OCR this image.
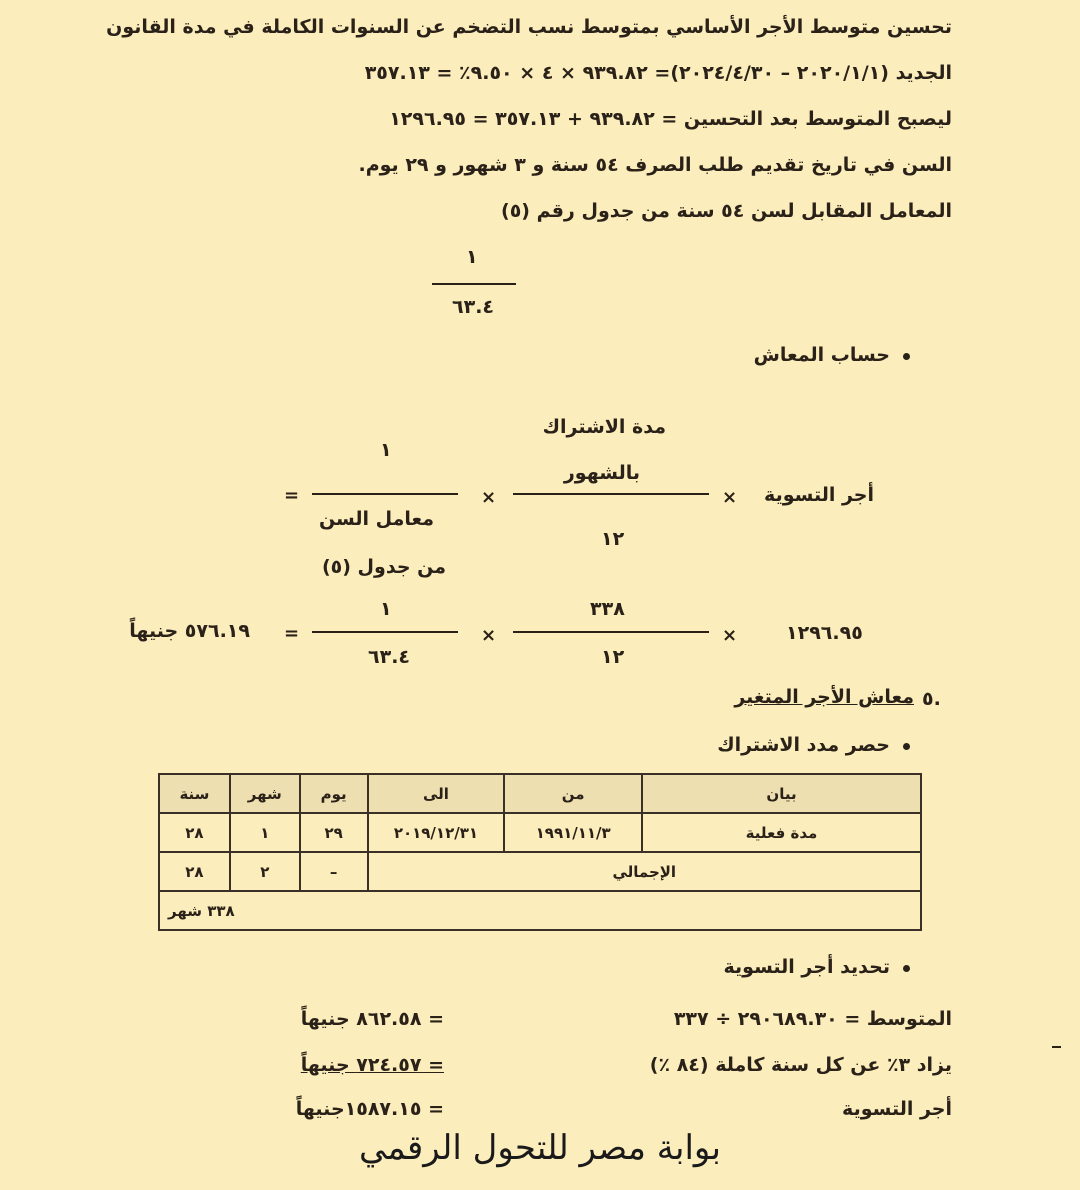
تحسين متوسط الأجر الأساسي بمتوسط نسب التضخم عن السنوات الكاملة في مدة القانون
الجديد (٢٠٢٠/١/١ – ٢٠٢٤/٤/٣٠)= ٩٣٩.٨٢ × ٤ × ٩.٥٠٪ = ٣٥٧.١٣
ليصبح المتوسط بعد التحسين = ٩٣٩.٨٢ + ٣٥٧.١٣ = ١٢٩٦.٩٥
السن في تاريخ تقديم طلب الصرف ٥٤ سنة و ٣ شهور و ٢٩ يوم.
المعامل المقابل لسن ٥٤ سنة من جدول رقم (٥)
١
٦٣.٤
حساب المعاش
أجر التسوية
×
مدة الاشتراك
بالشهور
١٢
×
١
معامل السن
من جدول (٥)
=
١٢٩٦.٩٥
×
٣٣٨
١٢
×
١
٦٣.٤
=
٥٧٦.١٩ جنيهاً
٥.
معاش الأجر المتغير
حصر مدد الاشتراك
بيان	من	الى	يوم	شهر	سنة
مدة فعلية	١٩٩١/١١/٣	٢٠١٩/١٢/٣١	٢٩	١	٢٨
الإجمالي			–	٢	٢٨
٣٣٨ شهر					
تحديد أجر التسوية
المتوسط = ٢٩٠٦٨٩.٣٠ ÷ ٣٣٧
= ٨٦٢.٥٨ جنيهاً
يزاد ٣٪ عن كل سنة كاملة (٨٤ ٪)
= ٧٢٤.٥٧ جنيهاً
أجر التسوية
= ١٥٨٧.١٥جنيهاً
بوابة مصر للتحول الرقمي
